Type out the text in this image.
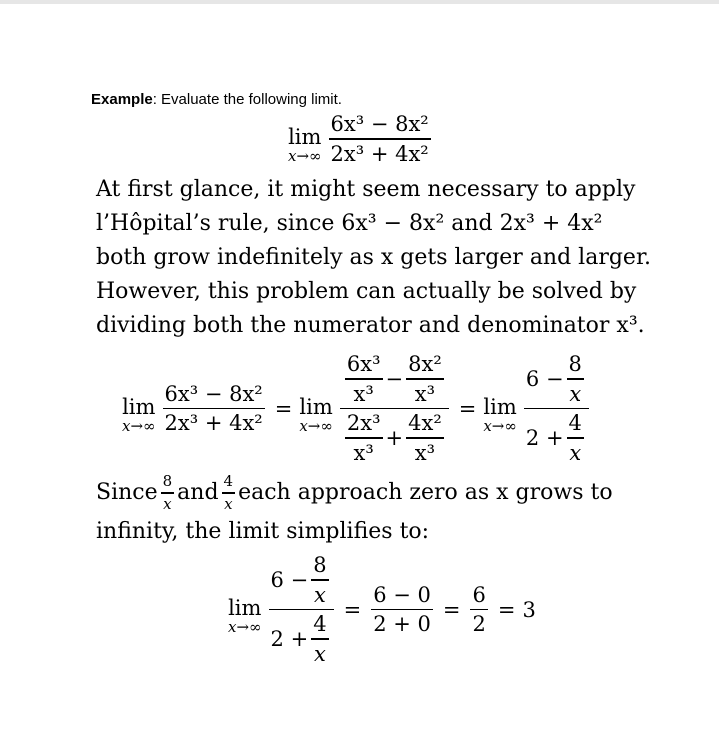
Example: Evaluate the following limit.
lim
$x\to\infty \frac{\text{6x³ − 8x²}}{\text{2x³ + 4x²}}$
At first glance, it might seem necessary to apply
l’Hôpital’s rule, since 6x³ − 8x² and 2x³ + 4x²
both grow indefinitely as x gets larger and larger.
However, this problem can actually be solved by
dividing both the numerator and denominator x³.
lim
$x\to\infty \frac{\text{6x³ − 8x²}}{\text{2x³ + 4x²}} = \lim$
x→∞
$\frac{\text{6x³}}{\text{x³}} - \frac{\text{8x²}}{\text{x³}}$
$\frac{\text{2x³}}{\text{x³}} + \frac{\text{4x²}}{\text{x³}}$
= lim
x→∞ 6
− $\frac{8}{x}$
2
+ $\frac{4}{x}$
Since $\frac{8}{x}$ and $\frac{4}{x}$ each approach zero as x grows to
infinity, the limit simplifies to:
lim
x→∞ 6
− $\frac{8}{x}$
2
+ $\frac{4}{x} = \frac{6 - 0}{2 + 0} = \frac{6}{2} = 3$
